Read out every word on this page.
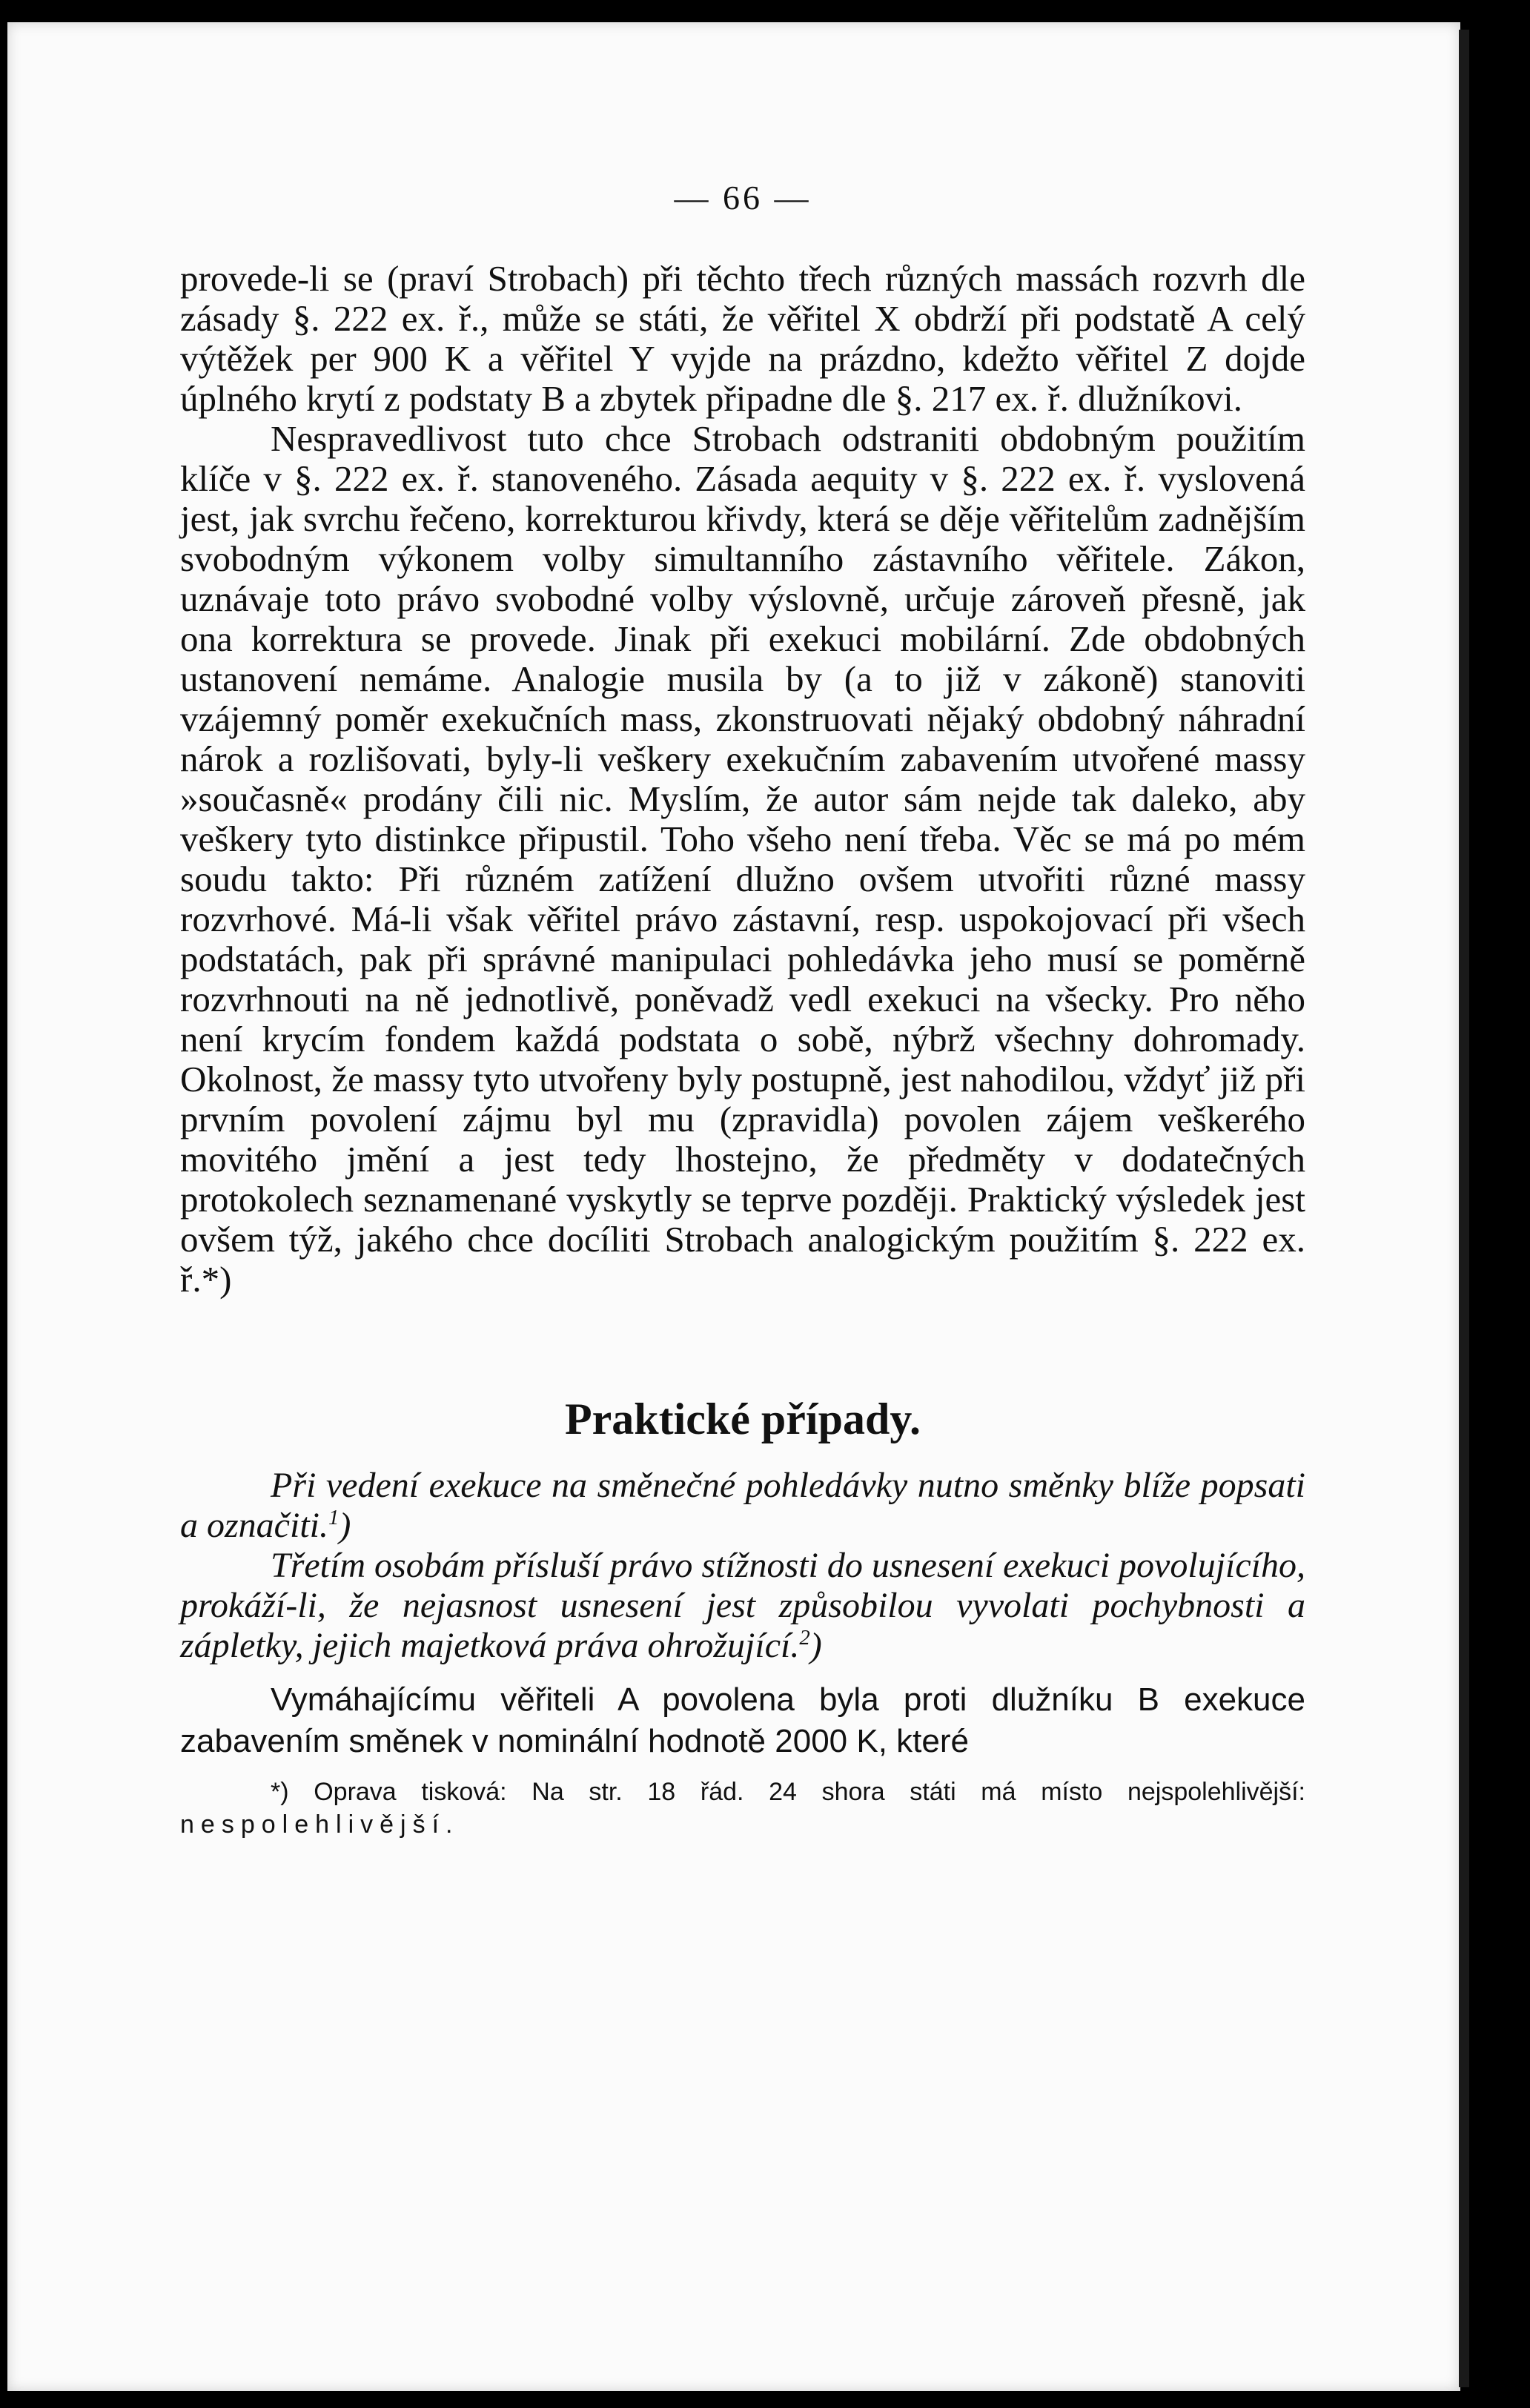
— 66 —

provede-li se (praví Strobach) při těchto třech různých massách rozvrh dle zásady §. 222 ex. ř., může se státi, že věřitel X obdrží při podstatě A celý výtěžek per 900 K a věřitel Y vyjde na prázdno, kdežto věřitel Z dojde úplného krytí z podstaty B a zbytek připadne dle §. 217 ex. ř. dlužníkovi.

Nespravedlivost tuto chce Strobach odstraniti obdobným použitím klíče v §. 222 ex. ř. stanoveného. Zásada aequity v §. 222 ex. ř. vyslovená jest, jak svrchu řečeno, korrekturou křivdy, která se děje věřitelům zadnějším svobodným výkonem volby simultanního zástavního věřitele. Zákon, uznávaje toto právo svobodné volby výslovně, určuje zároveň přesně, jak ona korrektura se provede. Jinak při exekuci mobilární. Zde obdobných ustanovení nemáme. Analogie musila by (a to již v zákoně) stanoviti vzájemný poměr exekučních mass, zkonstruovati nějaký obdobný náhradní nárok a rozlišovati, byly-li veškery exekučním zabavením utvořené massy »současně« prodány čili nic. Myslím, že autor sám nejde tak daleko, aby veškery tyto distinkce připustil. Toho všeho není třeba. Věc se má po mém soudu takto: Při různém zatížení dlužno ovšem utvořiti různé massy rozvrhové. Má-li však věřitel právo zástavní, resp. uspokojovací při všech podstatách, pak při správné manipulaci pohledávka jeho musí se poměrně rozvrhnouti na ně jednotlivě, poněvadž vedl exekuci na všecky. Pro něho není krycím fondem každá podstata o sobě, nýbrž všechny dohromady. Okolnost, že massy tyto utvořeny byly postupně, jest nahodilou, vždyť již při prvním povolení zájmu byl mu (zpravidla) povolen zájem veškerého movitého jmění a jest tedy lhostejno, že předměty v dodatečných protokolech seznamenané vyskytly se teprve později. Praktický výsledek jest ovšem týž, jakého chce docíliti Strobach analogickým použitím §. 222 ex. ř.*)

Praktické případy.

Při vedení exekuce na směnečné pohledávky nutno směnky blíže popsati a označiti.$^1$)

Třetím osobám přísluší právo stížnosti do usnesení exekuci povolujícího, prokáží-li, že nejasnost usnesení jest způsobilou vyvolati pochybnosti a zápletky, jejich majetková práva ohrožující.$^2$)

Vymáhajícímu věřiteli A povolena byla proti dlužníku B exekuce zabavením směnek v nominální hodnotě 2000 K, které

*) Oprava tisková: Na str. 18 řád. 24 shora státi má místo nejspolehlivější: nespolehlivější.
